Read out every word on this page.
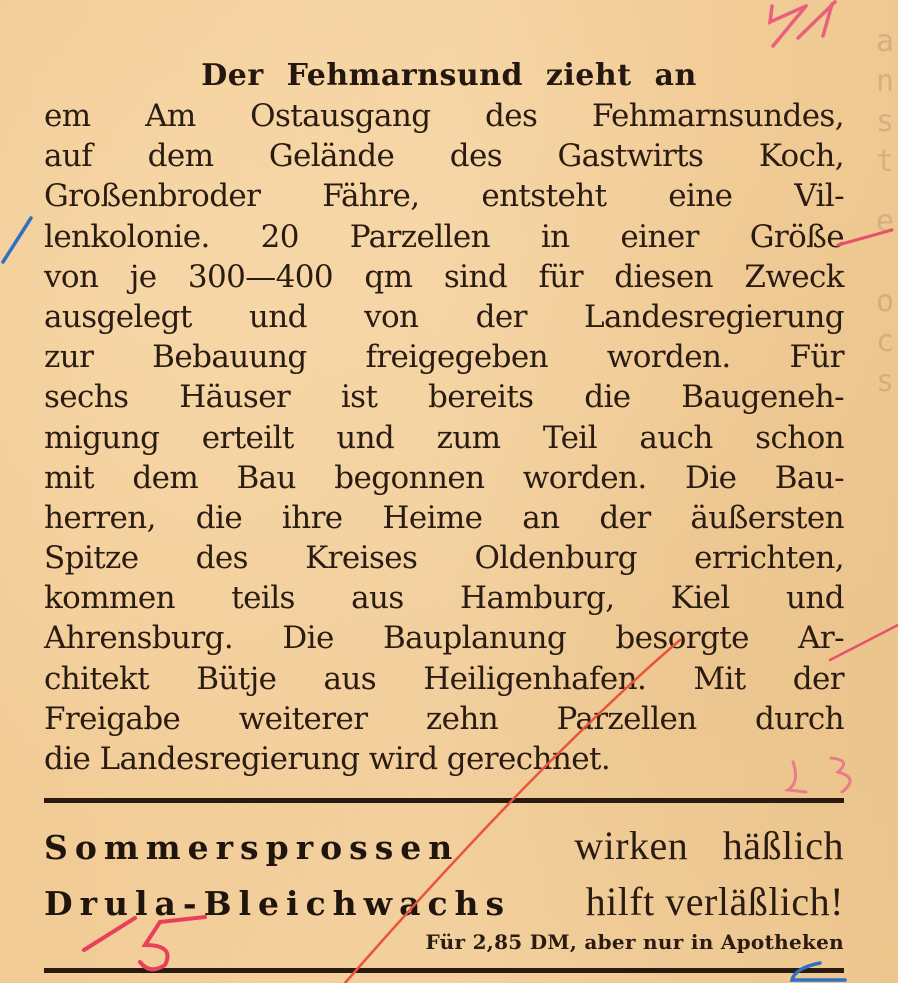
a
n
s
t
e
o
c
s
Der Fehmarnsund zieht an
em Am Ostausgang des Fehmarnsundes,
auf dem Gelände des Gastwirts Koch,
Großenbroder Fähre, entsteht eine Vil-
lenkolonie. 20 Parzellen in einer Größe
von je 300—400 qm sind für diesen Zweck
ausgelegt und von der Landesregierung
zur Bebauung freigegeben worden. Für
sechs Häuser ist bereits die Baugeneh-
migung erteilt und zum Teil auch schon
mit dem Bau begonnen worden. Die Bau-
herren, die ihre Heime an der äußersten
Spitze des Kreises Oldenburg errichten,
kommen teils aus Hamburg, Kiel und
Ahrensburg. Die Bauplanung besorgte Ar-
chitekt Bütje aus Heiligenhafen. Mit der
Freigabe weiterer zehn Parzellen durch
die Landesregierung wird gerechnet.
Sommersprossen	wirken häßlich
Drula-Bleichwachs hilft verläßlich!
Für 2,85 DM, aber nur in Apotheken
